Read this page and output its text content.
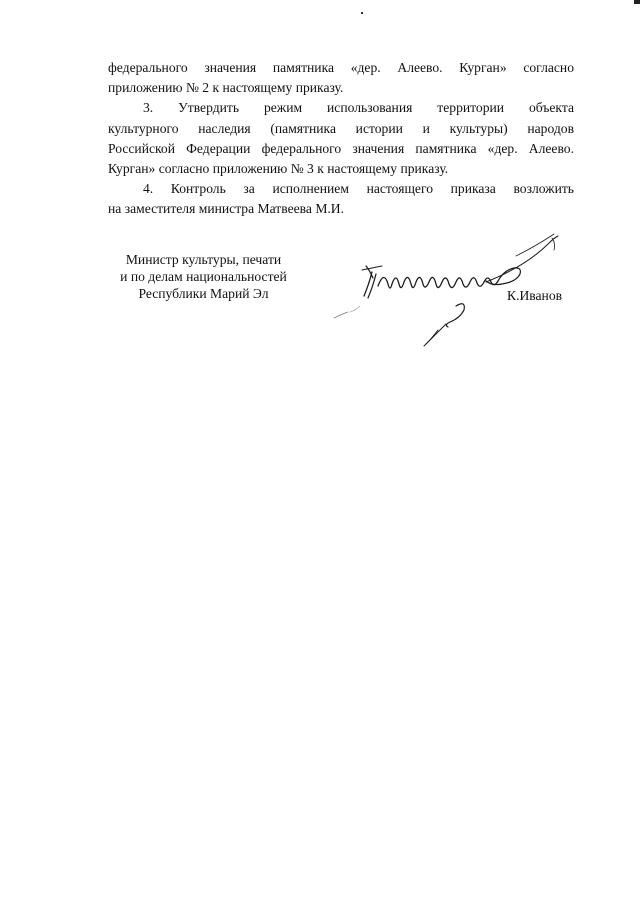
федерального значения памятника «дер. Алеево. Курган» согласно
приложению № 2 к настоящему приказу.

3. Утвердить режим использования территории объекта
культурного наследия (памятника истории и культуры) народов
Российской Федерации федерального значения памятника «дер. Алеево.
Курган» согласно приложению № 3 к настоящему приказу.

4. Контроль за исполнением настоящего приказа возложить
на заместителя министра Матвеева М.И.

Министр культуры, печати
и по делам национальностей
Республики Марий Эл	К.Иванов
